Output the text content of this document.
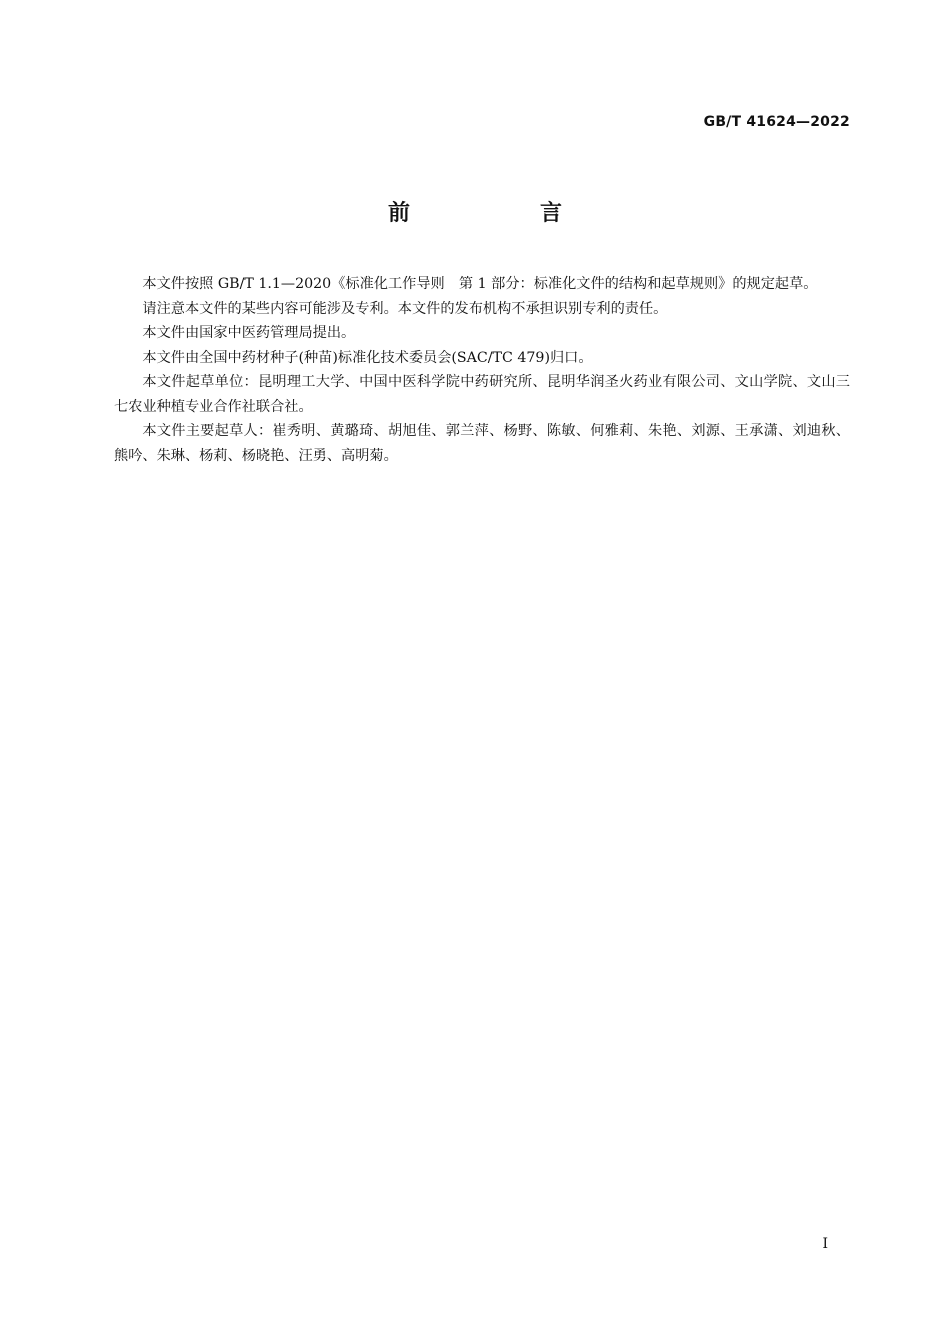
GB/T 41624—2022
前　言

本文件按照 GB/T 1.1—2020《标准化工作导则　第 1 部分：标准化文件的结构和起草规则》的规定起草。

请注意本文件的某些内容可能涉及专利。本文件的发布机构不承担识别专利的责任。

本文件由国家中医药管理局提出。

本文件由全国中药材种子(种苗)标准化技术委员会(SAC/TC 479)归口。

本文件起草单位：昆明理工大学、中国中医科学院中药研究所、昆明华润圣火药业有限公司、文山学院、文山三七农业种植专业合作社联合社。

本文件主要起草人：崔秀明、黄璐琦、胡旭佳、郭兰萍、杨野、陈敏、何雅莉、朱艳、刘源、王承潇、刘迪秋、熊吟、朱琳、杨莉、杨晓艳、汪勇、高明菊。

I
